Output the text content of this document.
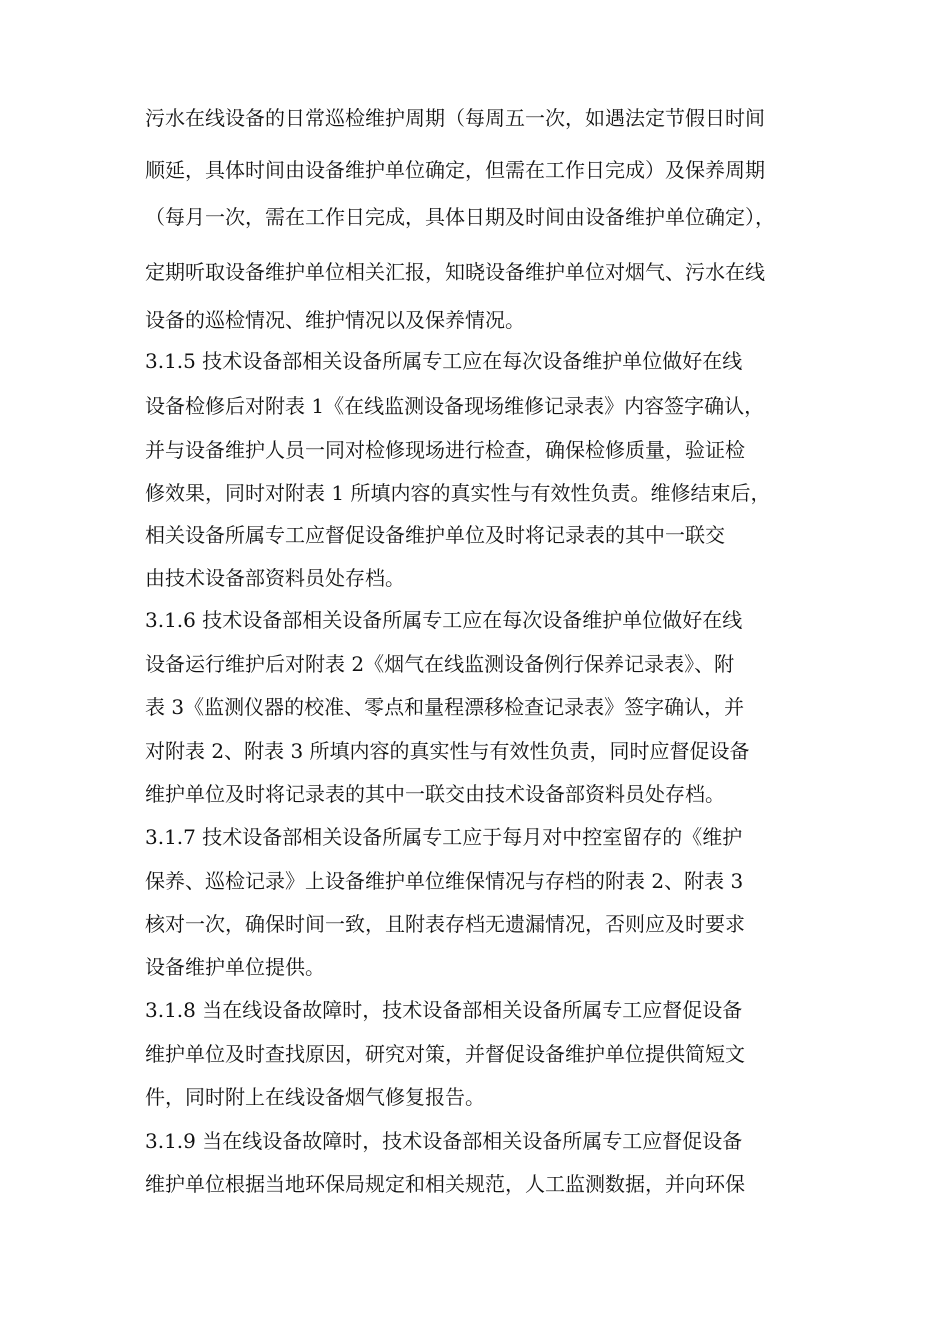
污水在线设备的日常巡检维护周期（每周五一次，如遇法定节假日时间
顺延，具体时间由设备维护单位确定，但需在工作日完成）及保养周期
（每月一次，需在工作日完成，具体日期及时间由设备维护单位确定），
定期听取设备维护单位相关汇报，知晓设备维护单位对烟气、污水在线
设备的巡检情况、维护情况以及保养情况。
3.1.5 技术设备部相关设备所属专工应在每次设备维护单位做好在线
设备检修后对附表 1《在线监测设备现场维修记录表》内容签字确认，
并与设备维护人员一同对检修现场进行检查，确保检修质量，验证检
修效果，同时对附表 1 所填内容的真实性与有效性负责。维修结束后，
相关设备所属专工应督促设备维护单位及时将记录表的其中一联交
由技术设备部资料员处存档。
3.1.6 技术设备部相关设备所属专工应在每次设备维护单位做好在线
设备运行维护后对附表 2《烟气在线监测设备例行保养记录表》、附
表 3《监测仪器的校准、零点和量程漂移检查记录表》签字确认，并
对附表 2、附表 3 所填内容的真实性与有效性负责，同时应督促设备
维护单位及时将记录表的其中一联交由技术设备部资料员处存档。
3.1.7 技术设备部相关设备所属专工应于每月对中控室留存的《维护
保养、巡检记录》上设备维护单位维保情况与存档的附表 2、附表 3
核对一次，确保时间一致，且附表存档无遗漏情况，否则应及时要求
设备维护单位提供。
3.1.8 当在线设备故障时，技术设备部相关设备所属专工应督促设备
维护单位及时查找原因，研究对策，并督促设备维护单位提供简短文
件，同时附上在线设备烟气修复报告。
3.1.9 当在线设备故障时，技术设备部相关设备所属专工应督促设备
维护单位根据当地环保局规定和相关规范，人工监测数据，并向环保
